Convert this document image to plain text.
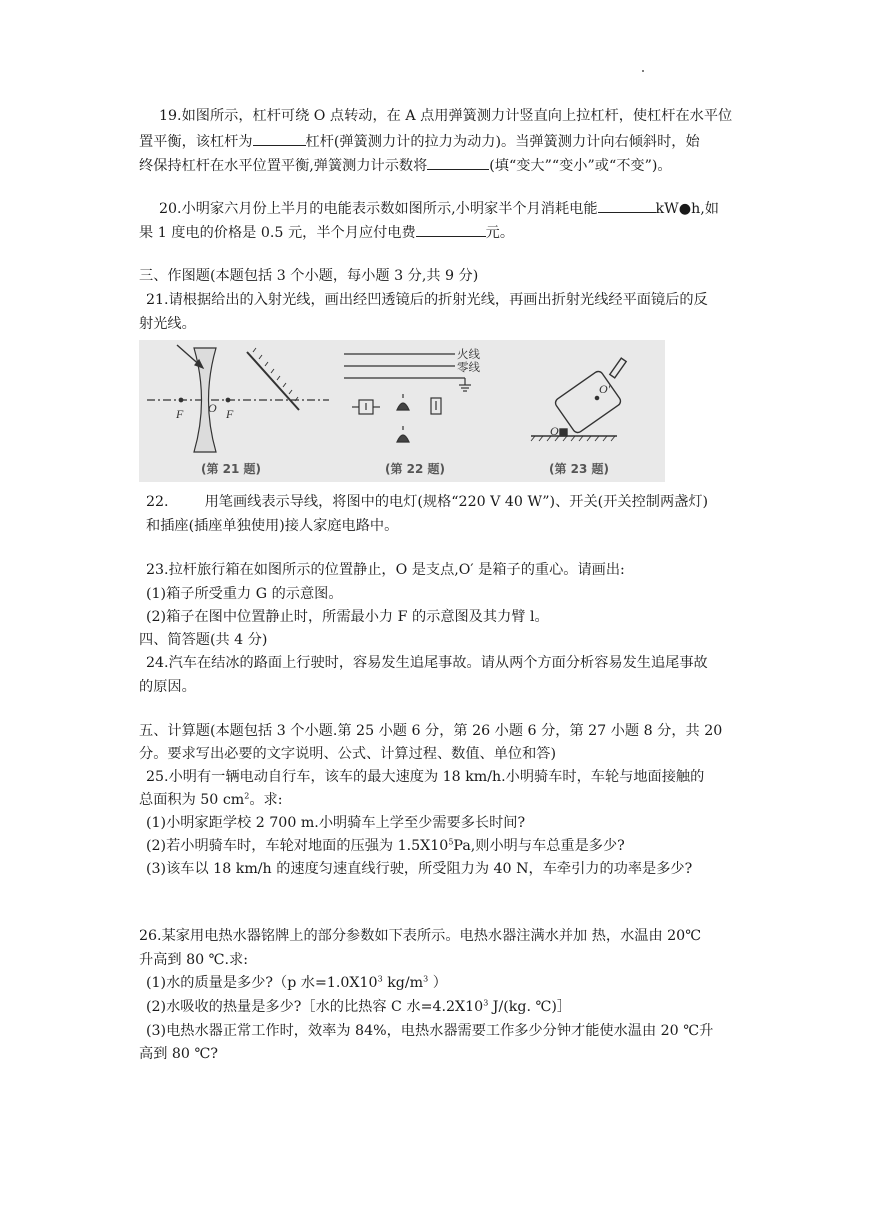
19.如图所示，杠杆可绕 O 点转动，在 A 点用弹簧测力计竖直向上拉杠杆，使杠杆在水平位
置平衡，该杠杆为	杠杆(弹簧测力计的拉力为动力)。当弹簧测力计向右倾斜时，始
终保持杠杆在水平位置平衡,弹簧测力计示数将	(填“变大”“变小”或“不变”)。
20.小明家六月份上半月的电能表示数如图所示,小明家半个月消耗电能	kW●h,如
果 1 度电的价格是 0.5 元，半个月应付电费	元。
三、作图题(本题包括 3 个小题，每小题 3 分,共 9 分)
21.请根据给出的入射光线，画出经凹透镜后的折射光线，再画出折射光线经平面镜后的反
射光线。
F O F
火线
零线
O′
O
(第 21 题)	(第 22 题)	(第 23 题)
22.	用笔画线表示导线，将图中的电灯(规格“220 V 40 W”)、开关(开关控制两盏灯)
和插座(插座单独使用)接人家庭电路中。
23.拉杆旅行箱在如图所示的位置静止，O 是支点,O′ 是箱子的重心。请画出:
(1)箱子所受重力 G 的示意图。
(2)箱子在图中位置静止时，所需最小力 F 的示意图及其力臂 l。
四、简答题(共 4 分)
24.汽车在结冰的路面上行驶时，容易发生追尾事故。请从两个方面分析容易发生追尾事故
的原因。
五、计算题(本题包括 3 个小题.第 25 小题 6 分，第 26 小题 6 分，第 27 小题 8 分，共 20
分。要求写出必要的文字说明、公式、计算过程、数值、单位和答)
25.小明有一辆电动自行车，该车的最大速度为 18 km/h.小明骑车时，车轮与地面接触的
总面积为 50 $cm^2$。求:
(1)小明家距学校 2 700 m.小明骑车上学至少需要多长时间?
(2)若小明骑车时，车轮对地面的压强为 $1.5X10^5Pa$,则小明与车总重是多少?
(3)该车以 18 km/h 的速度匀速直线行驶，所受阻力为 40 N，车牵引力的功率是多少?
26.某家用电热水器铭牌上的部分参数如下表所示。电热水器注满水并加 热，水温由 20℃
升高到 80 ℃.求:
(1)水的质量是多少?（p 水$=1.0X10^3$ $kg/m^3$ ）
(2)水吸收的热量是多少?［水的比热容 C 水$=4.2X10^3$ J/(kg. ℃)］
(3)电热水器正常工作时，效率为 84%，电热水器需要工作多少分钟才能使水温由 20 ℃升
高到 80 ℃?
